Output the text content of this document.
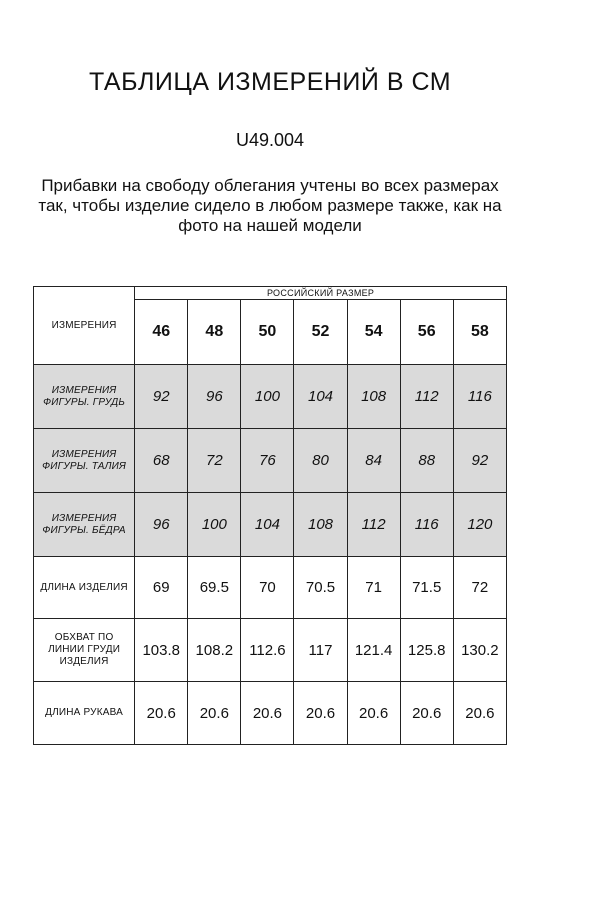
ТАБЛИЦА ИЗМЕРЕНИЙ В СМ
U49.004
Прибавки на свободу облегания учтены во всех размерах
так, чтобы изделие сидело в любом размере также, как на
фото на нашей модели
ИЗМЕРЕНИЯ	РОССИЙСКИЙ РАЗМЕР						
	46	48	50	52	54	56	58

ИЗМЕРЕНИЯ
ФИГУРЫ. ГРУДЬ	92	96	100	104	108	112	116

ИЗМЕРЕНИЯ
ФИГУРЫ. ТАЛИЯ	68	72	76	80	84	88	92

ИЗМЕРЕНИЯ
ФИГУРЫ. БЁДРА	96	100	104	108	112	116	120

ДЛИНА ИЗДЕЛИЯ	69	69.5	70	70.5	71	71.5	72

ОБХВАТ ПО
ЛИНИИ ГРУДИ
ИЗДЕЛИЯ	103.8	108.2	112.6	117	121.4	125.8	130.2

ДЛИНА РУКАВА	20.6	20.6	20.6	20.6	20.6	20.6	20.6
